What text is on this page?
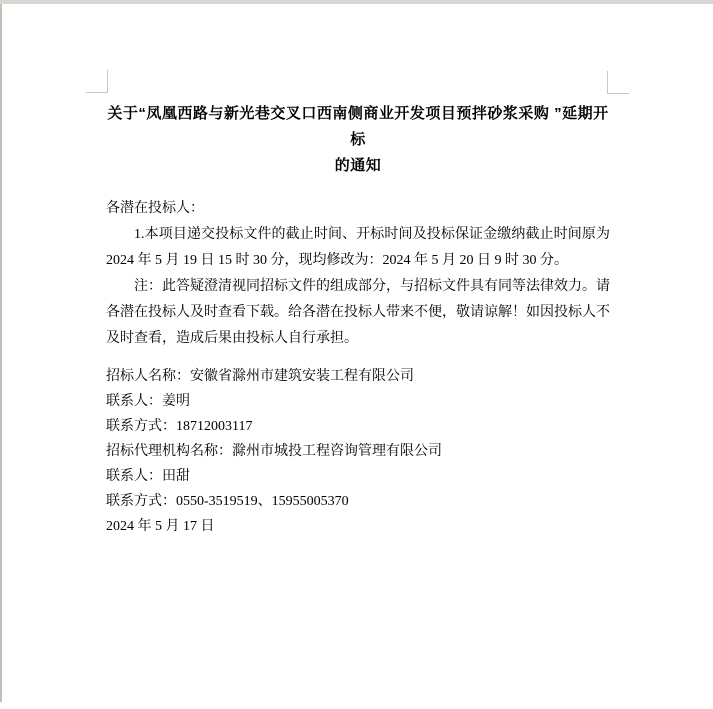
关于“凤凰西路与新光巷交叉口西南侧商业开发项目预拌砂浆采购 ”延期开标
的通知
各潜在投标人：

1.本项目递交投标文件的截止时间、开标时间及投标保证金缴纳截止时间原为 2024 年 5 月 19 日 15 时 30 分，现均修改为：2024 年 5 月 20 日 9 时 30 分。

注：此答疑澄清视同招标文件的组成部分，与招标文件具有同等法律效力。请各潜在投标人及时查看下载。给各潜在投标人带来不便，敬请谅解！如因投标人不及时查看，造成后果由投标人自行承担。

招标人名称：安徽省滁州市建筑安装工程有限公司
联系人：姜明
联系方式：18712003117
招标代理机构名称：滁州市城投工程咨询管理有限公司
联系人：田甜
联系方式：0550-3519519、15955005370
2024 年 5 月 17 日
